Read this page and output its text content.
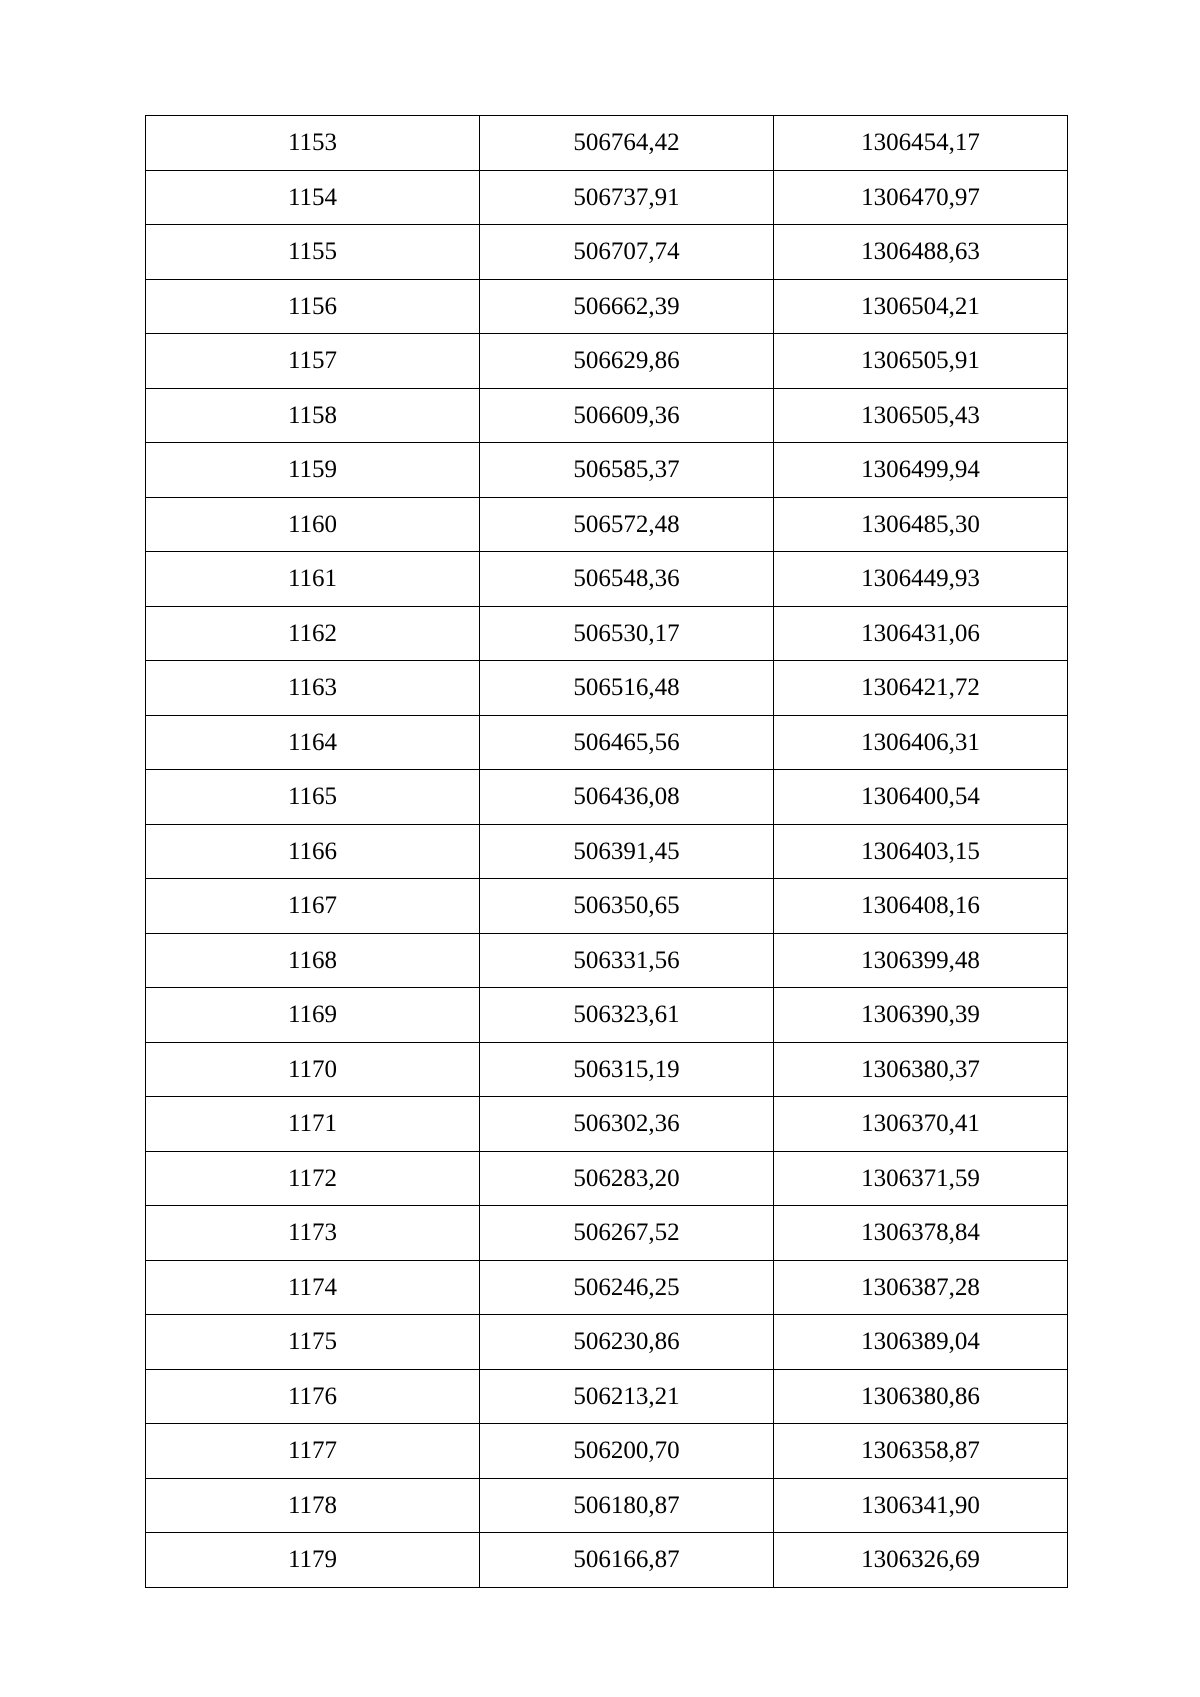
1153	506764,42	1306454,17
1154	506737,91	1306470,97
1155	506707,74	1306488,63
1156	506662,39	1306504,21
1157	506629,86	1306505,91
1158	506609,36	1306505,43
1159	506585,37	1306499,94
1160	506572,48	1306485,30
1161	506548,36	1306449,93
1162	506530,17	1306431,06
1163	506516,48	1306421,72
1164	506465,56	1306406,31
1165	506436,08	1306400,54
1166	506391,45	1306403,15
1167	506350,65	1306408,16
1168	506331,56	1306399,48
1169	506323,61	1306390,39
1170	506315,19	1306380,37
1171	506302,36	1306370,41
1172	506283,20	1306371,59
1173	506267,52	1306378,84
1174	506246,25	1306387,28
1175	506230,86	1306389,04
1176	506213,21	1306380,86
1177	506200,70	1306358,87
1178	506180,87	1306341,90
1179	506166,87	1306326,69
